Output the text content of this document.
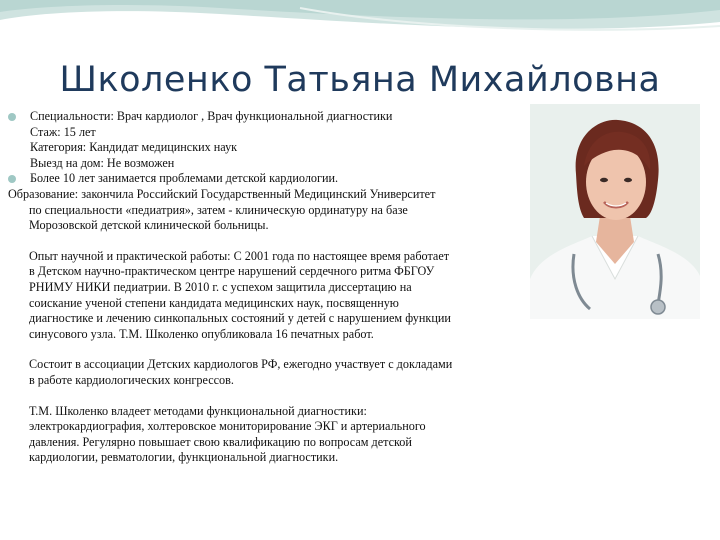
Школенко Татьяна Михайловна
Специальности: Врач кардиолог , Врач функциональной диагностики
Стаж: 15 лет
Категория: Кандидат медицинских наук
Выезд на дом: Не возможен
Более 10 лет занимается проблемами детской кардиологии.
Образование: закончила Российский Государственный Медицинский Университет
по специальности «педиатрия», затем - клиническую ординатуру на базе
Морозовской детской клинической больницы.
Опыт научной и практической работы: С 2001 года по настоящее время работает
в Детском научно-практическом центре нарушений сердечного ритма ФБГОУ
РНИМУ НИКИ педиатрии. В 2010 г. с успехом защитила диссертацию на
соискание ученой степени кандидата медицинских наук, посвященную
диагностике и лечению синкопальных состояний у детей с нарушением функции
синусового узла. Т.М. Школенко опубликовала 16 печатных работ.
Состоит в ассоциации Детских кардиологов РФ, ежегодно участвует с докладами
в работе кардиологических конгрессов.
Т.М. Школенко владеет методами функциональной диагностики:
электрокардиография, холтеровское мониторирование ЭКГ и артериального
давления. Регулярно повышает свою квалификацию по вопросам детской
кардиологии, ревматологии, функциональной диагностики.
